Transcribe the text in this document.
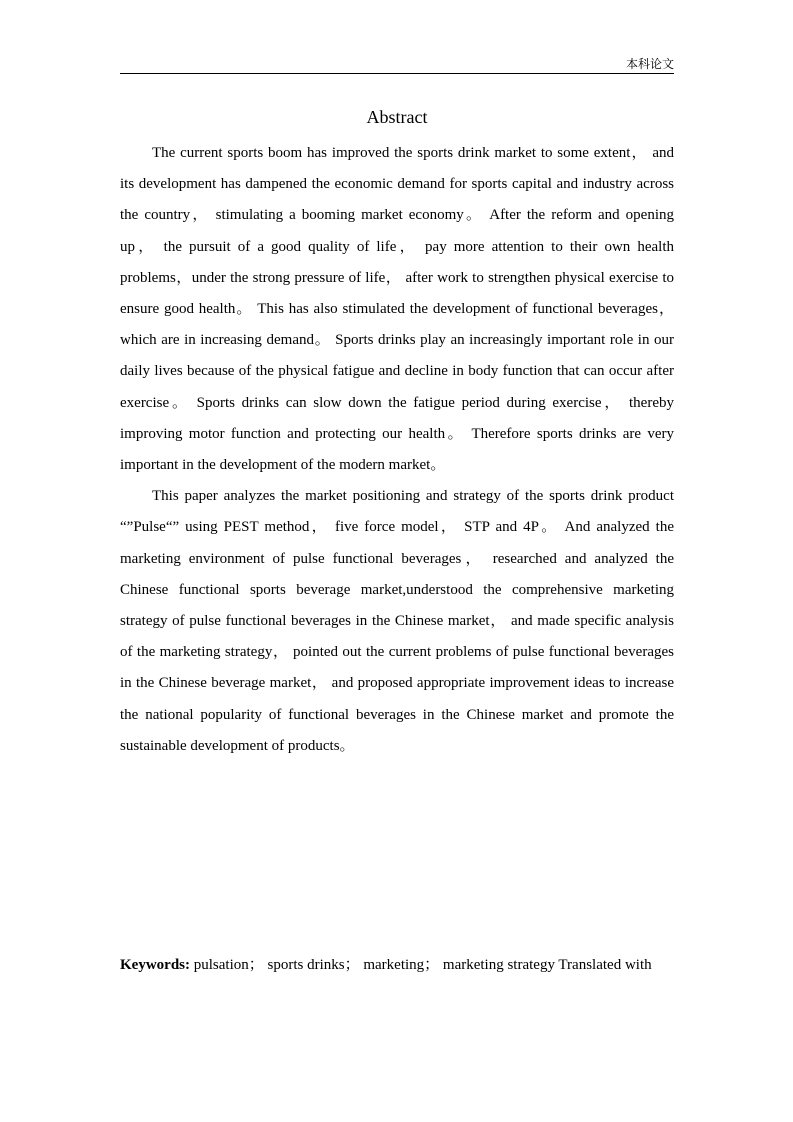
本科论文
Abstract

The current sports boom has improved the sports drink market to some extent， and its development has dampened the economic demand for sports capital and industry across the country， stimulating a booming market economy。 After the reform and opening up， the pursuit of a good quality of life， pay more attention to their own health problems，under the strong pressure of life， after work to strengthen physical exercise to ensure good health。 This has also stimulated the development of functional beverages， which are in increasing demand。 Sports drinks play an increasingly important role in our daily lives because of the physical fatigue and decline in body function that can occur after exercise。 Sports drinks can slow down the fatigue period during exercise， thereby improving motor function and protecting our health。 Therefore sports drinks are very important in the development of the modern market。

This paper analyzes the market positioning and strategy of the sports drink product “”Pulse“” using PEST method， five force model， STP and 4P。 And analyzed the marketing environment of pulse functional beverages， researched and analyzed the Chinese functional sports beverage market,understood the comprehensive marketing strategy of pulse functional beverages in the Chinese market， and made specific analysis of the marketing strategy， pointed out the current problems of pulse functional beverages in the Chinese beverage market， and proposed appropriate improvement ideas to increase the national popularity of functional beverages in the Chinese market and promote the sustainable development of products。

Keywords: pulsation； sports drinks； marketing； marketing strategy Translated with
